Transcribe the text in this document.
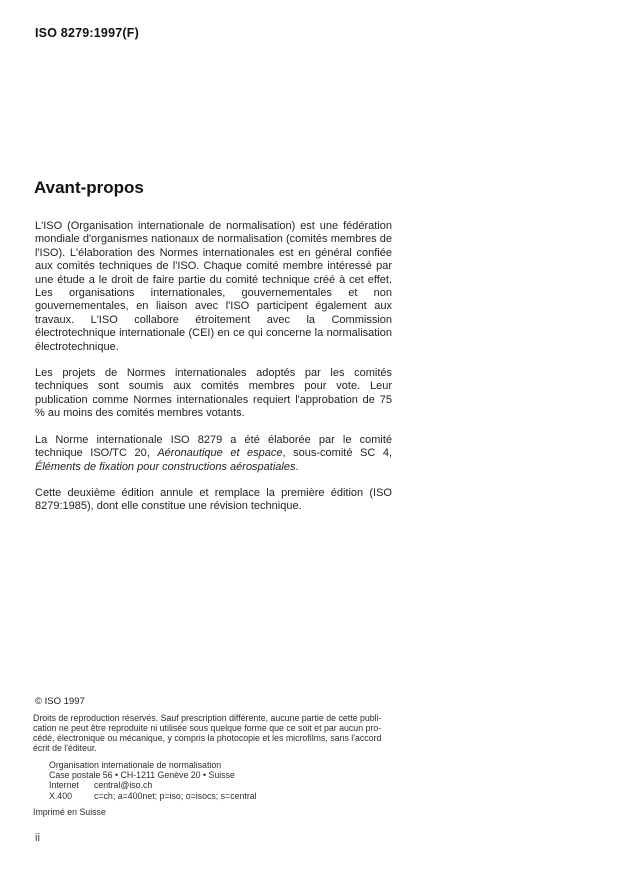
ISO 8279:1997(F)
Avant-propos

L'ISO (Organisation internationale de normalisation) est une fédération mondiale d'organismes nationaux de normalisation (comités membres de l'ISO). L'élaboration des Normes internationales est en général confiée aux comités techniques de l'ISO. Chaque comité membre intéressé par une étude a le droit de faire partie du comité technique créé à cet effet. Les organisations internationales, gouvernementales et non gouvernementales, en liaison avec l'ISO participent également aux travaux. L'ISO collabore étroitement avec la Commission électrotechnique internationale (CEI) en ce qui concerne la normalisation électrotechnique.

Les projets de Normes internationales adoptés par les comités techniques sont soumis aux comités membres pour vote. Leur publication comme Normes internationales requiert l'approbation de 75 % au moins des comités membres votants.

La Norme internationale ISO 8279 a été élaborée par le comité technique ISO/TC 20, Aéronautique et espace, sous-comité SC 4, Éléments de fixation pour constructions aérospatiales.

Cette deuxième édition annule et remplace la première édition (ISO 8279:1985), dont elle constitue une révision technique.

© ISO 1997
Droits de reproduction réservés. Sauf prescription différente, aucune partie de cette publi-
cation ne peut être reproduite ni utilisée sous quelque forme que ce soit et par aucun pro-
cédé, électronique ou mécanique, y compris la photocopie et les microfilms, sans l'accord
écrit de l'éditeur.
Organisation internationale de normalisation
Case postale 56 • CH-1211 Genève 20 • Suisse
Internet central@iso.ch
X.400	c=ch; a=400net; p=iso; o=isocs; s=central
Imprimé en Suisse
ii
